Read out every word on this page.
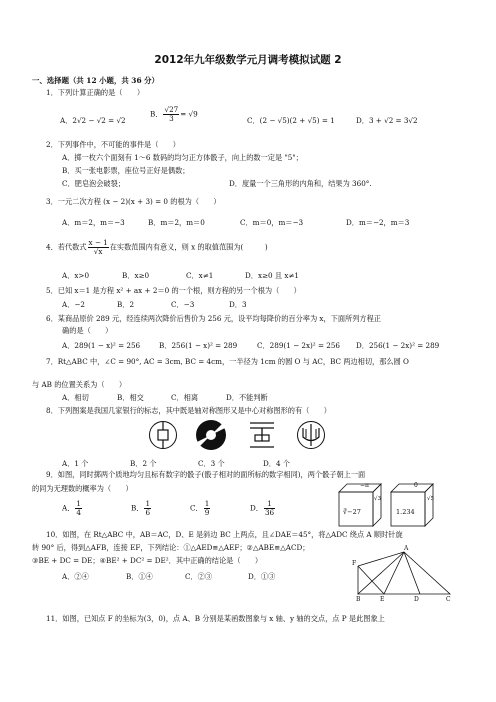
2012年九年级数学元月调考模拟试题 2
一、选择题（共 12 小题，共 36 分）
1．下列计算正确的是（　　）
A．2√2 − √2 = √2
B． $\frac{√27}{3} = √9$
C．(2 − √5)(2 + √5) = 1	D．3 + √2 = 3√2
2．下列事件中，不可能的事件是（　　）
A．掷一枚六个面刻有 1～6 数码的均匀正方体骰子，向上的数一定是 "5"；
B．买一张电影票，座位号正好是偶数；
C．肥皂泡会破裂；	D．度量一个三角形的内角和，结果为 360°.
3．一元二次方程 (x − 2)(x + 3) = 0 的根为（　　）
A．m＝2，m＝−3	B．m＝2，m＝0	C．m＝0，m＝−3	D．m＝−2，m＝3
4．若代数式 $\frac{x - 1}{√x}$ 在实数范围内有意义，则 x 的取值范围为(　　　)
A．x>0	B．x≥0	C．x≠1	D．x≥0 且 x≠1
5．已知 x＝1 是方程 x² + ax + 2＝0 的一个根，则方程的另一个根为（　　）
A．−2	B．2	C．−3	D．3
6．某商品原价 289 元，经连续两次降价后售价为 256 元，设平均每降价的百分率为 x，下面所列方程正
确的是（　　）
A．289(1 − x)² = 256	B．256(1 − x)² = 289	C．289(1 − 2x)² = 256 D．256(1 − 2x)² = 289
7．Rt△ABC 中，∠C = 90°, AC = 3cm, BC = 4cm，一半径为 1cm 的圆 O 与 AC，BC 两边相切，那么圆 O
与 AB 的位置关系为（　　）
A．相切	B．相交	C．相离	D．不能判断
8．下列图案是我国几家银行的标志，其中既是轴对称图形又是中心对称图形的有（　　）
A．1 个	B．2 个	C．3 个	D．4 个
9．如图，同时掷两个质地均匀且标有数字的骰子(骰子相对的面所标的数字相同)，两个骰子朝上一面
的同为无理数的概率为（　　）
A． $\frac{1}{4}$	B． $\frac{1}{6}$	C． $\frac{1}{9}$	D． $\frac{1}{36}$
−π
∛−27
√3
0
1.234
√5
10．如图，在 Rt△ABC 中，AB＝AC，D、E 是斜边 BC 上两点，且∠DAE＝45°，将△ADC 绕点 A 顺时针旋
转 90° 后，得到△AFB，连接 EF，下列结论：①△AED≌△AEF；②△ABE≌△ACD；
③BE + DC = DE；④BE² + DC² = DE²．其中正确的结论是（　　）
A．②④	B．①④	C．②③	D．①③
A
F
B	E	D	C
11．如图，已知点 F 的坐标为(3，0)，点 A、B 分别是某函数图象与 x 轴、y 轴的交点，点 P 是此图象上
